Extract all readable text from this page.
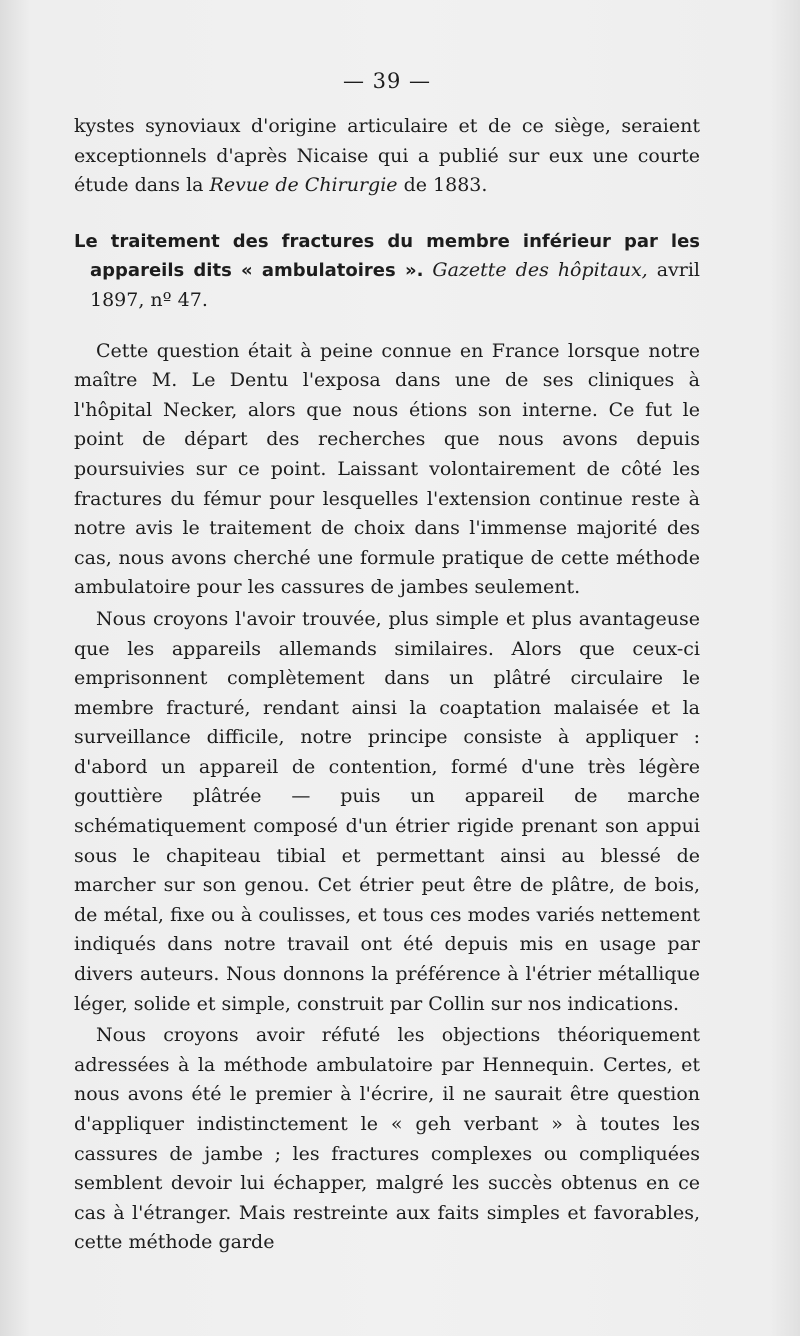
— 39 —

kystes synoviaux d'origine articulaire et de ce siège, seraient exceptionnels d'après Nicaise qui a publié sur eux une courte étude dans la Revue de Chirurgie de 1883.

Le traitement des fractures du membre inférieur par les appareils dits « ambulatoires ». Gazette des hôpitaux, avril 1897, nº 47.

Cette question était à peine connue en France lorsque notre maître M. Le Dentu l'exposa dans une de ses cliniques à l'hôpital Necker, alors que nous étions son interne. Ce fut le point de départ des recherches que nous avons depuis poursuivies sur ce point. Laissant volontairement de côté les fractures du fémur pour lesquelles l'extension continue reste à notre avis le traitement de choix dans l'immense majorité des cas, nous avons cherché une formule pratique de cette méthode ambulatoire pour les cassures de jambes seulement.

Nous croyons l'avoir trouvée, plus simple et plus avantageuse que les appareils allemands similaires. Alors que ceux-ci emprisonnent complètement dans un plâtré circulaire le membre fracturé, rendant ainsi la coaptation malaisée et la surveillance difficile, notre principe consiste à appliquer : d'abord un appareil de contention, formé d'une très légère gouttière plâtrée — puis un appareil de marche schématiquement composé d'un étrier rigide prenant son appui sous le chapiteau tibial et permettant ainsi au blessé de marcher sur son genou. Cet étrier peut être de plâtre, de bois, de métal, fixe ou à coulisses, et tous ces modes variés nettement indiqués dans notre travail ont été depuis mis en usage par divers auteurs. Nous donnons la préférence à l'étrier métallique léger, solide et simple, construit par Collin sur nos indications.

Nous croyons avoir réfuté les objections théoriquement adressées à la méthode ambulatoire par Hennequin. Certes, et nous avons été le premier à l'écrire, il ne saurait être question d'appliquer indistinctement le « geh verbant » à toutes les cassures de jambe ; les fractures complexes ou compliquées semblent devoir lui échapper, malgré les succès obtenus en ce cas à l'étranger. Mais restreinte aux faits simples et favorables, cette méthode garde
